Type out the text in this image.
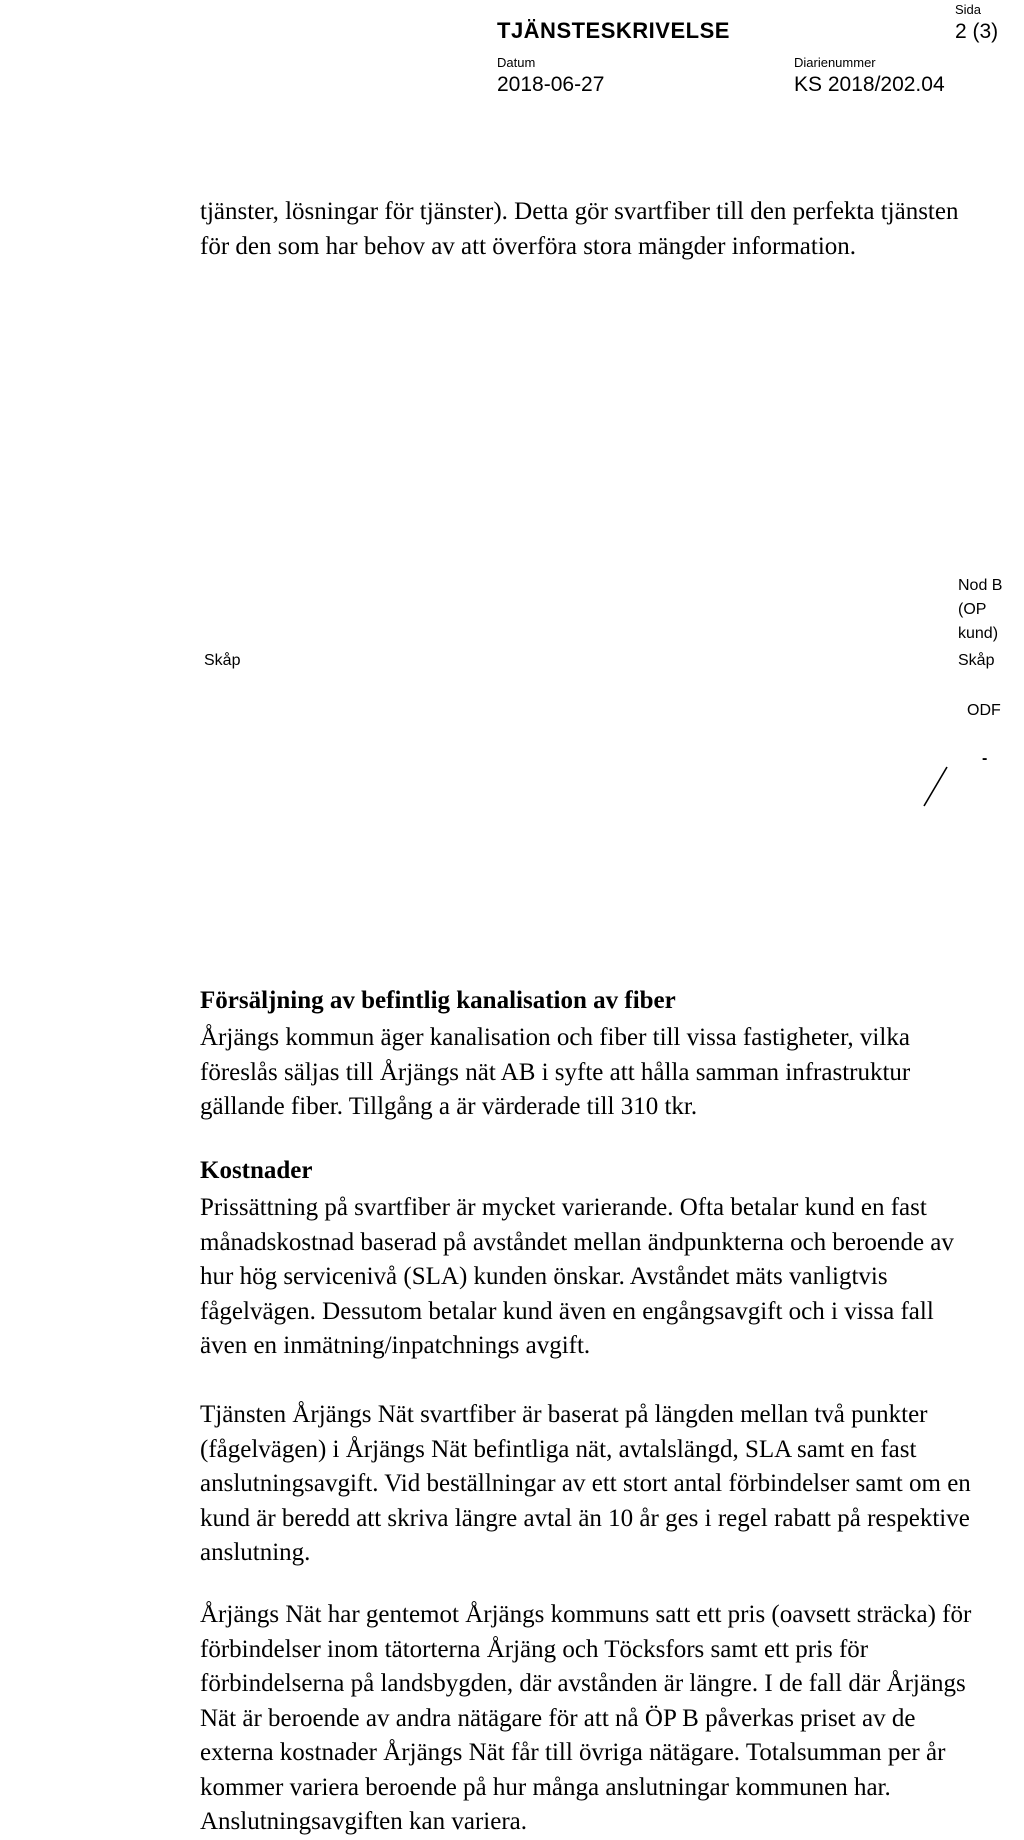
TJÄNSTESKRIVELSE
Sida
2 (3)
Datum
2018-06-27
Diarienummer
KS 2018/202.04
tjänster, lösningar för tjänster). Detta gör svartfiber till den perfekta tjänsten
för den som har behov av att överföra stora mängder information.
Skåp
Nod B
(OP kund)
Skåp
ODF
-
Försäljning av befintlig kanalisation av fiber
Årjängs kommun äger kanalisation och fiber till vissa fastigheter, vilka
föreslås säljas till Årjängs nät AB i syfte att hålla samman infrastruktur
gällande fiber. Tillgång a är värderade till 310 tkr.
Kostnader
Prissättning på svartfiber är mycket varierande. Ofta betalar kund en fast
månadskostnad baserad på avståndet mellan ändpunkterna och beroende av
hur hög servicenivå (SLA) kunden önskar. Avståndet mäts vanligtvis
fågelvägen. Dessutom betalar kund även en engångsavgift och i vissa fall
även en inmätning/inpatchnings avgift.
Tjänsten Årjängs Nät svartfiber är baserat på längden mellan två punkter
(fågelvägen) i Årjängs Nät befintliga nät, avtalslängd, SLA samt en fast
anslutningsavgift. Vid beställningar av ett stort antal förbindelser samt om en
kund är beredd att skriva längre avtal än 10 år ges i regel rabatt på respektive
anslutning.
Årjängs Nät har gentemot Årjängs kommuns satt ett pris (oavsett sträcka) för
förbindelser inom tätorterna Årjäng och Töcksfors samt ett pris för
förbindelserna på landsbygden, där avstånden är längre. I de fall där Årjängs
Nät är beroende av andra nätägare för att nå ÖP B påverkas priset av de
externa kostnader Årjängs Nät får till övriga nätägare. Totalsumman per år
kommer variera beroende på hur många anslutningar kommunen har.
Anslutningsavgiften kan variera.
